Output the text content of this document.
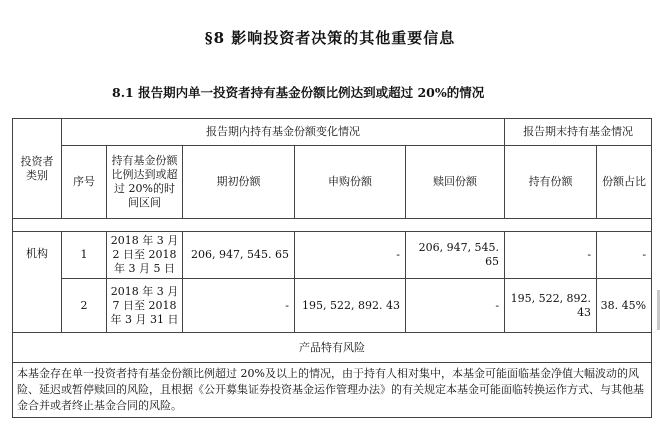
§8 影响投资者决策的其他重要信息
8.1 报告期内单一投资者持有基金份额比例达到或超过 20%的情况
投资者类别	报告期内持有基金份额变化情况					报告期末持有基金情况	
	序号	持有基金份额比例达到或超过 20%的时间区间	期初份额	申购份额	赎回份额	持有份额	份额占比

机构	1	2018 年 3 月 2 日至 2018 年 3 月 5 日	206, 947, 545. 65	-	206, 947, 545. 65	-	-
	2	2018 年 3 月 7 日至 2018 年 3 月 31 日	-	195, 522, 892. 43	-	195, 522, 892. 43	38. 45%
产品特有风险							
本基金存在单一投资者持有基金份额比例超过 20%及以上的情况，由于持有人相对集中，本基金可能面临基金净值大幅波动的风险、延迟或暂停赎回的风险，且根据《公开募集证券投资基金运作管理办法》的有关规定本基金可能面临转换运作方式、与其他基金合并或者终止基金合同的风险。							
